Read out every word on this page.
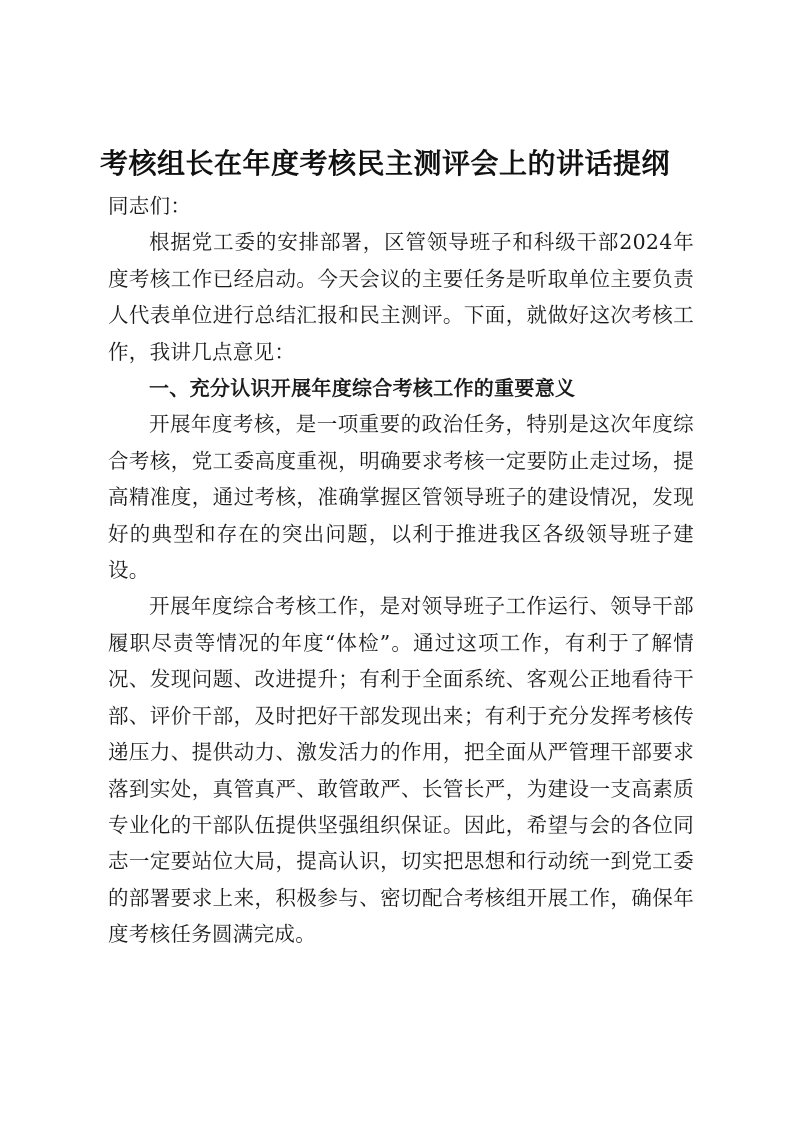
考核组长在年度考核民主测评会上的讲话提纲

同志们：

根据党工委的安排部署，区管领导班子和科级干部2024年度考核工作已经启动。今天会议的主要任务是听取单位主要负责人代表单位进行总结汇报和民主测评。下面，就做好这次考核工作，我讲几点意见：

一、充分认识开展年度综合考核工作的重要意义

开展年度考核，是一项重要的政治任务，特别是这次年度综合考核，党工委高度重视，明确要求考核一定要防止走过场，提高精准度，通过考核，准确掌握区管领导班子的建设情况，发现好的典型和存在的突出问题，以利于推进我区各级领导班子建设。

开展年度综合考核工作，是对领导班子工作运行、领导干部履职尽责等情况的年度“体检”。通过这项工作，有利于了解情况、发现问题、改进提升；有利于全面系统、客观公正地看待干部、评价干部，及时把好干部发现出来；有利于充分发挥考核传递压力、提供动力、激发活力的作用，把全面从严管理干部要求落到实处，真管真严、敢管敢严、长管长严，为建设一支高素质专业化的干部队伍提供坚强组织保证。因此，希望与会的各位同志一定要站位大局，提高认识，切实把思想和行动统一到党工委的部署要求上来，积极参与、密切配合考核组开展工作，确保年度考核任务圆满完成。
